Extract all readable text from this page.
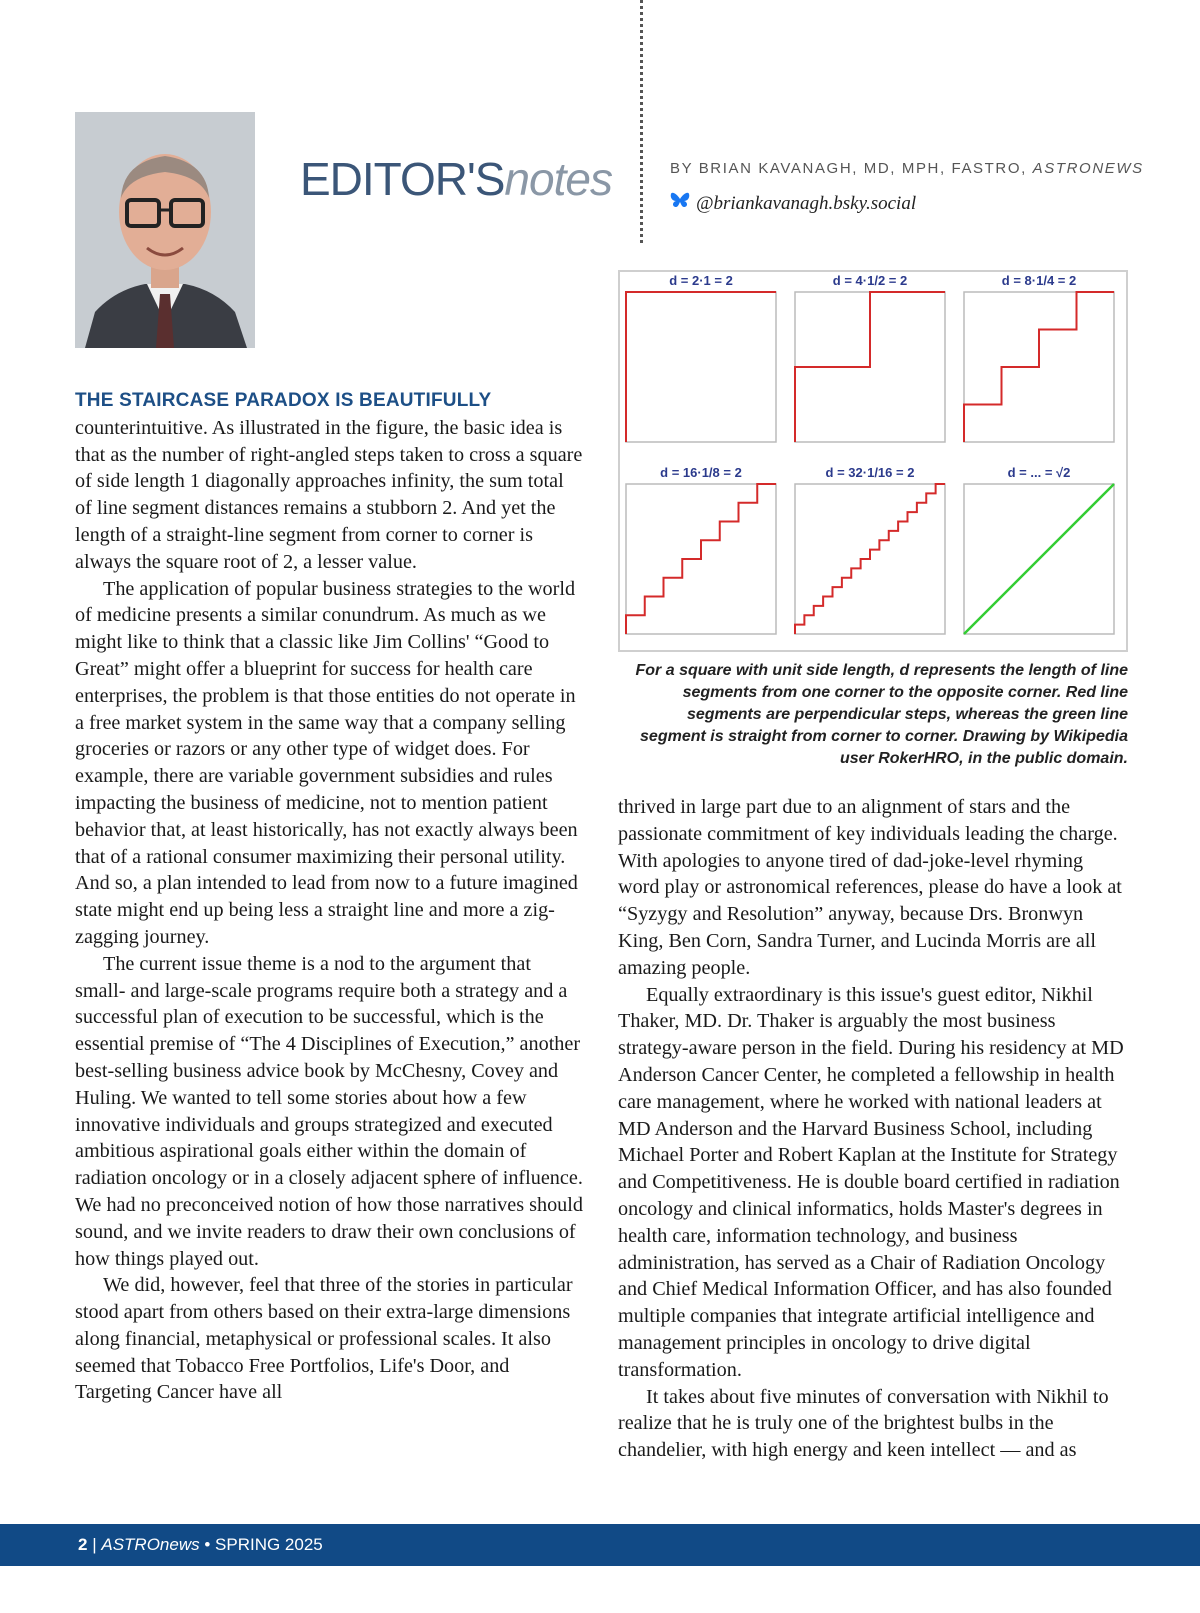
EDITOR'Snotes	BY BRIAN KAVANAGH, MD, MPH, FASTRO, ASTRONEWS
@briankavanagh.bsky.social
d = 2·1 = 2	d = 4·1/2 = 2	d = 8·1/4 = 2
d = 16·1/8 = 2	d = 32·1/16 = 2	d = ... = √2
For a square with unit side length, d represents the length of line segments from one corner to the opposite corner. Red line segments are perpendicular steps, whereas the green line segment is straight from corner to corner. Drawing by Wikipedia user RokerHRO, in the public domain.

THE STAIRCASE PARADOX IS BEAUTIFULLY counterintuitive. As illustrated in the figure, the basic idea is that as the number of right-angled steps taken to cross a square of side length 1 diagonally approaches infinity, the sum total of line segment distances remains a stubborn 2. And yet the length of a straight-line segment from corner to corner is always the square root of 2, a lesser value.

The application of popular business strategies to the world of medicine presents a similar conundrum. As much as we might like to think that a classic like Jim Collins' “Good to Great” might offer a blueprint for success for health care enterprises, the problem is that those entities do not operate in a free market system in the same way that a company selling groceries or razors or any other type of widget does. For example, there are variable government subsidies and rules impacting the business of medicine, not to mention patient behavior that, at least historically, has not exactly always been that of a rational consumer maximizing their personal utility. And so, a plan intended to lead from now to a future imagined state might end up being less a straight line and more a zig-zagging journey.

The current issue theme is a nod to the argument that small- and large-scale programs require both a strategy and a successful plan of execution to be successful, which is the essential premise of “The 4 Disciplines of Execution,” another best-selling business advice book by McChesny, Covey and Huling. We wanted to tell some stories about how a few innovative individuals and groups strategized and executed ambitious aspirational goals either within the domain of radiation oncology or in a closely adjacent sphere of influence. We had no preconceived notion of how those narratives should sound, and we invite readers to draw their own conclusions of how things played out.

We did, however, feel that three of the stories in particular stood apart from others based on their extra-large dimensions along financial, metaphysical or professional scales. It also seemed that Tobacco Free Portfolios, Life's Door, and Targeting Cancer have all

thrived in large part due to an alignment of stars and the passionate commitment of key individuals leading the charge. With apologies to anyone tired of dad-joke-level rhyming word play or astronomical references, please do have a look at “Syzygy and Resolution” anyway, because Drs. Bronwyn King, Ben Corn, Sandra Turner, and Lucinda Morris are all amazing people.

Equally extraordinary is this issue's guest editor, Nikhil Thaker, MD. Dr. Thaker is arguably the most business strategy-aware person in the field. During his residency at MD Anderson Cancer Center, he completed a fellowship in health care management, where he worked with national leaders at MD Anderson and the Harvard Business School, including Michael Porter and Robert Kaplan at the Institute for Strategy and Competitiveness. He is double board certified in radiation oncology and clinical informatics, holds Master's degrees in health care, information technology, and business administration, has served as a Chair of Radiation Oncology and Chief Medical Information Officer, and has also founded multiple companies that integrate artificial intelligence and management principles in oncology to drive digital transformation.

It takes about five minutes of conversation with Nikhil to realize that he is truly one of the brightest bulbs in the chandelier, with high energy and keen intellect — and as

2 | ASTROnews • SPRING 2025
